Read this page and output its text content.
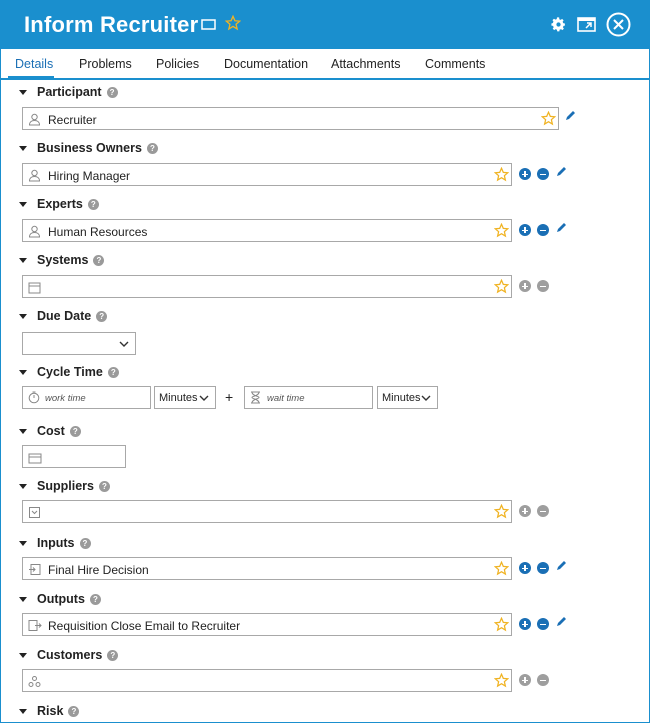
Inform Recruiter
Details Problems Policies Documentation Attachments Comments
Participant	?
Recruiter
Business Owners	?
Hiring Manager
Experts	?
Human Resources
Systems	?
Due Date	?
Cycle Time	?
work time	Minutes +	wait time	Minutes
Cost	?
Suppliers	?
Inputs	?
Final Hire Decision
Outputs	?
Requisition Close Email to Recruiter
Customers	?
Risk	?
